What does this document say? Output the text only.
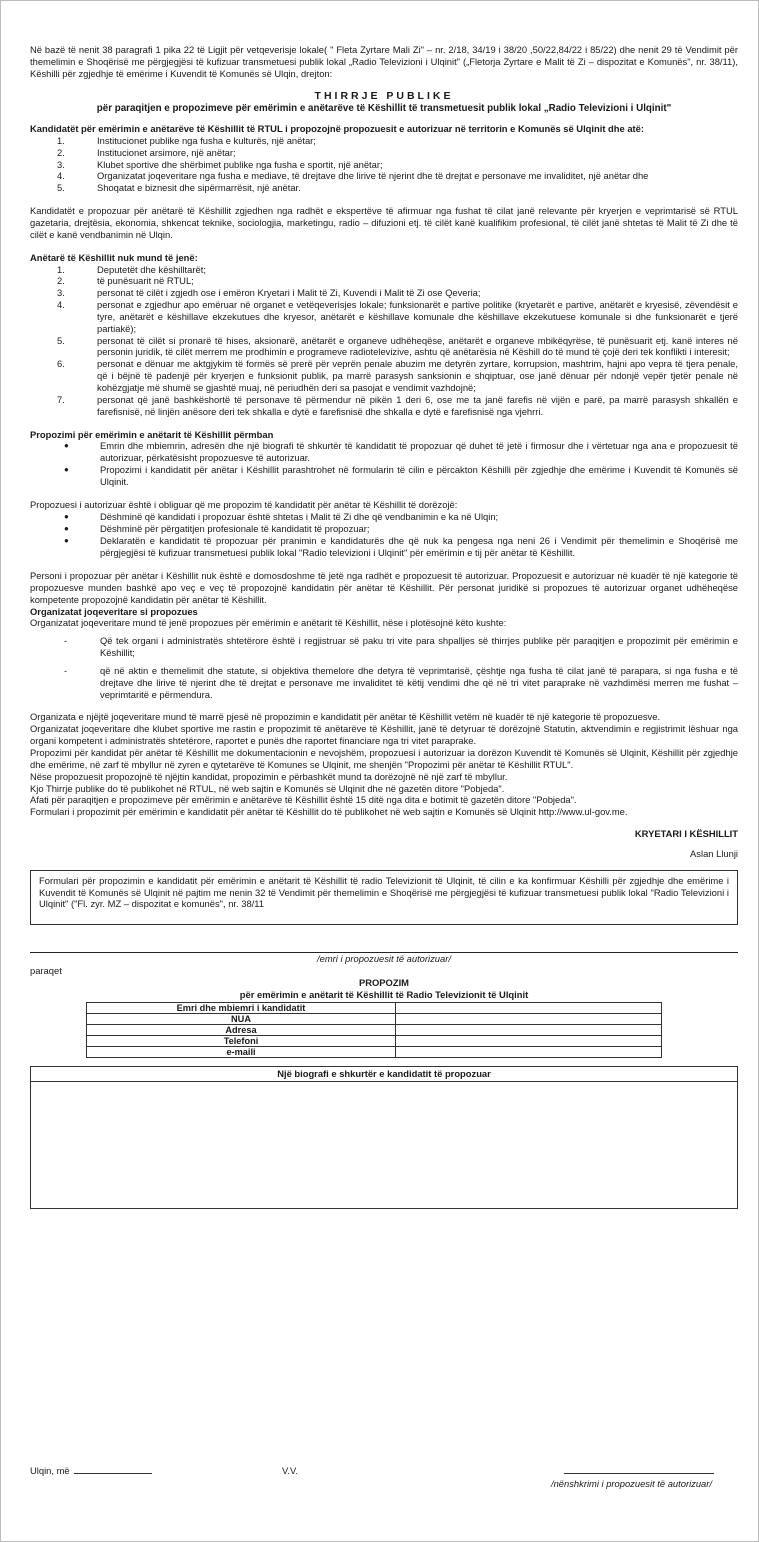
Në bazë të nenit 38 paragrafi 1 pika 22 të Ligjit për vetqeverisje lokale( " Fleta Zyrtare Mali Zi" – nr. 2/18, 34/19 i 38/20 ,50/22,84/22 i 85/22) dhe nenit 29 të Vendimit për themelimin e Shoqërisë me përgjegjësi të kufizuar transmetuesi publik lokal „Radio Televizioni i Ulqinit" („Fletorja Zyrtare e Malit të Zi – dispozitat e Komunës", nr. 38/11), Këshilli për zgjedhje të emërime i Kuvendit të Komunës së Ulqin, drejton:

THIRRJE PUBLIKE
për paraqitjen e propozimeve për emërimin e anëtarëve të Këshillit të transmetuesit publik lokal „Radio Televizioni i Ulqinit"
Kandidatët për emërimin e anëtarëve të Këshillit të RTUL i propozojnë propozuesit e autorizuar në territorin e Komunës së Ulqinit dhe atë:
1.	Institucionet publike nga fusha e kulturës, një anëtar;
2.	Institucionet arsimore, një anëtar;
3.	Klubet sportive dhe shërbimet publike nga fusha e sportit, një anëtar;
4.	Organizatat joqeveritare nga fusha e mediave, të drejtave dhe lirive të njerint dhe të drejtat e personave me invaliditet, një anëtar dhe
5.	Shoqatat e biznesit dhe sipërmarrësit, një anëtar.

Kandidatët e propozuar për anëtarë të Këshillit zgjedhen nga radhët e ekspertëve të afirmuar nga fushat të cilat janë relevante për kryerjen e veprimtarisë së RTUL gazetaria, drejtësia, ekonomia, shkencat teknike, sociologjia, marketingu, radio – difuzioni etj. të cilët kanë kualifikim profesional, të cilët janë shtetas të Malit të Zi dhe të cilët e kanë vendbanimin në Ulqin.

Anëtarë të Këshillit nuk mund të jenë:
1.	Deputetët dhe këshilltarët;
2.	të punësuarit në RTUL;
3.	personat të cilët i zgjedh ose i emëron Kryetari i Malit të Zi, Kuvendi i Malit të Zi ose Qeveria;
4.	personat e zgjedhur apo emëruar në organet e vetëqeverisjes lokale; funksionarët e partive politike (kryetarët e partive, anëtarët e kryesisë, zëvendësit e tyre, anëtarët e këshillave ekzekutues dhe kryesor, anëtarët e këshillave komunale dhe këshillave ekzekutuese komunale si dhe funksionarët e tjerë partiakë);
5.	personat të cilët si pronarë të hises, aksionarë, anëtarët e organeve udhëheqëse, anëtarët e organeve mbikëqyrëse, të punësuarit etj. kanë interes në personin juridik, të cilët merrem me prodhimin e programeve radiotelevizive, ashtu që anëtarësia në Këshill do të mund të çojë deri tek konflikti i interesit;
6.	personat e dënuar me aktgjykim të formës së prerë për veprën penale abuzim me detyrën zyrtare, korrupsion, mashtrim, hajni apo vepra të tjera penale, që i bëjnë të padenjë për kryerjen e funksionit publik, pa marrë parasysh sanksionin e shqiptuar, ose janë dënuar për ndonjë vepër tjetër penale në kohëzgjatje më shumë se gjashtë muaj, në periudhën deri sa pasojat e vendimit vazhdojnë;
7.	personat që janë bashkëshortë të personave të përmendur në pikën 1 deri 6, ose me ta janë farefis në vijën e parë, pa marrë parasysh shkallën e farefisnisë, në linjën anësore deri tek shkalla e dytë e farefisnisë dhe shkalla e dytë e farefisnisë nga vjehrri.
Propozimi për emërimin e anëtarit të Këshillit përmban
●	Emrin dhe mbiemrin, adresën dhe një biografi të shkurtër të kandidatit të propozuar që duhet të jetë i firmosur dhe i vërtetuar nga ana e propozuesit të autorizuar, përkatësisht propozuesve të autorizuar.
●	Propozimi i kandidatit për anëtar i Këshillit parashtrohet në formularin të cilin e përcakton Këshilli për zgjedhje dhe emërime i Kuvendit të Komunës së Ulqinit.

Propozuesi i autorizuar është i obliguar që me propozim të kandidatit për anëtar të Këshillit të dorëzojë:

●	Dëshminë që kandidati i propozuar është shtetas i Malit të Zi dhe që vendbanimin e ka në Ulqin;
●	Dëshminë për përgatitjen profesionale të kandidatit të propozuar;
●	Deklaratën e kandidatit të propozuar për pranimin e kandidaturës dhe që nuk ka pengesa nga neni 26 i Vendimit për themelimin e Shoqërisë me përgjegjësi të kufizuar transmetuesi publik lokal "Radio televizioni i Ulqinit" për emërimin e tij për anëtar të Këshillit.

Personi i propozuar për anëtar i Këshillit nuk është e domosdoshme të jetë nga radhët e propozuesit të autorizuar. Propozuesit e autorizuar në kuadër të një kategorie të propozuesve munden bashkë apo veç e veç të propozojnë kandidatin për anëtar të Këshillit. Për personat juridikë si propozues të autorizuar organet udhëheqëse kompetente propozojnë kandidatin për anëtar të Këshillit.

Organizatat joqeveritare si propozues

Organizatat joqeveritare mund të jenë propozues për emërimin e anëtarit të Këshillit, nëse i plotësojnë këto kushte:

-	Që tek organi i administratës shtetërore është i regjistruar së paku tri vite para shpalljes së thirrjes publike për paraqitjen e propozimit për emërimin e Këshillit;
-	që në aktin e themelimit dhe statute, si objektiva themelore dhe detyra të veprimtarisë, çështje nga fusha të cilat janë të parapara, si nga fusha e të drejtave dhe lirive të njerint dhe të drejtat e personave me invaliditet të këtij vendimi dhe që në tri vitet paraprake në vazhdimësi merren me fushat – veprimtaritë e përmendura.

Organizata e njëjtë joqeveritare mund të marrë pjesë në propozimin e kandidatit për anëtar të Këshillit vetëm në kuadër të një kategorie të propozuesve.

Organizatat joqeveritare dhe klubet sportive me rastin e propozimit të anëtarëve të Këshillit, janë të detyruar të dorëzojnë Statutin, aktvendimin e regjistrimit lëshuar nga organi kompetent i administratës shtetërore, raportet e punës dhe raportet financiare nga tri vitet paraprake.

Propozimi për kandidat për anëtar të Këshillit me dokumentacionin e nevojshëm, propozuesi i autorizuar ia dorëzon Kuvendit të Komunës së Ulqinit, Këshillit për zgjedhje dhe emërime, në zarf të mbyllur në zyren e qytetarëve të Komunes se Ulqinit, me shenjën "Propozimi për anëtar të Këshillit RTUL".

Nëse propozuesit propozojnë të njëjtin kandidat, propozimin e përbashkët mund ta dorëzojnë në një zarf të mbyllur.

Kjo Thirrje publike do të publikohet në RTUL, në web sajtin e Komunës së Ulqinit dhe në gazetën ditore "Pobjeda".

Afati për paraqitjen e propozimeve për emërimin e anëtarëve të Këshillit është 15 ditë nga dita e botimit të gazetën ditore "Pobjeda".

Formulari i propozimit për emërimin e kandidatit për anëtar të Këshillit do të publikohet në web sajtin e Komunës së Ulqinit http://www.ul-gov.me.

KRYETARI I KËSHILLIT
Aslan Llunji

Formulari për propozimin e kandidatit për emërimin e anëtarit të Këshillit të radio Televizionit të Ulqinit, të cilin e ka konfirmuar Këshilli për zgjedhje dhe emërime i Kuvendit të Komunës së Ulqinit në pajtim me nenin 32 të Vendimit për themelimin e Shoqërisë me përgjegjësi të kufizuar transmetuesi publik lokal "Radio Televizioni i Ulqinit" ("Fl. zyr. MZ – dispozitat e komunës", nr. 38/11

/emri i propozuesit të autorizuar/
paraqet
PROPOZIM
për emërimin e anëtarit të Këshillit të Radio Televizionit të Ulqinit
Emri dhe mbiemri i kandidatit	
NUA	
Adresa	
Telefoni	
e-maili	
Një biografi e shkurtër e kandidatit të propozuar
Ulqin, më	V.V.
/nënshkrimi i propozuesit të autorizuar/
